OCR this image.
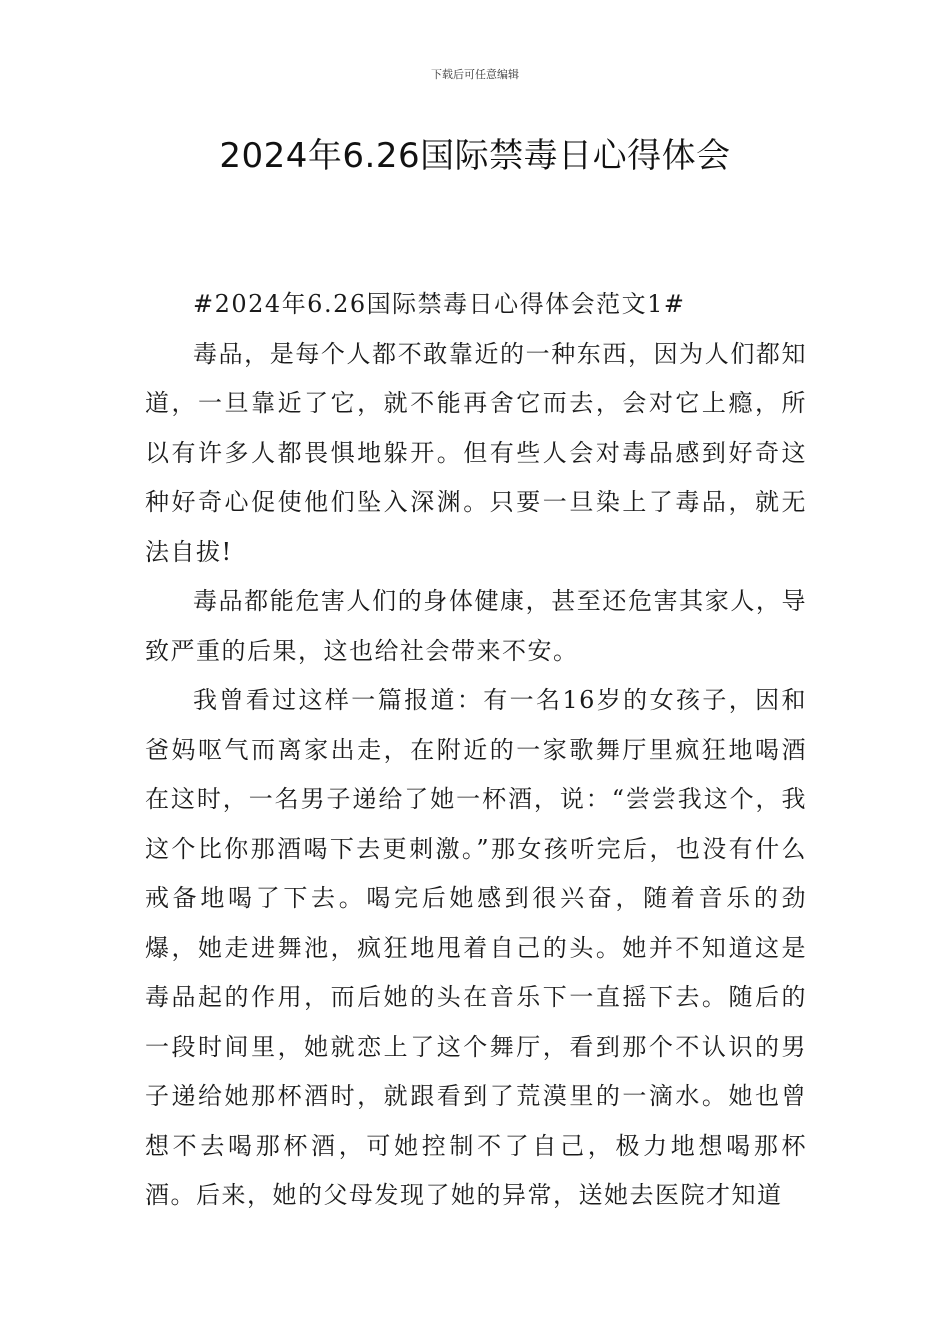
下载后可任意编辑
2024年6.26国际禁毒日心得体会

#2024年6.26国际禁毒日心得体会范文1#

毒品，是每个人都不敢靠近的一种东西，因为人们都知道，一旦靠近了它，就不能再舍它而去，会对它上瘾，所以有许多人都畏惧地躲开。但有些人会对毒品感到好奇这种好奇心促使他们坠入深渊。只要一旦染上了毒品，就无法自拔!

毒品都能危害人们的身体健康，甚至还危害其家人，导致严重的后果，这也给社会带来不安。

我曾看过这样一篇报道：有一名16岁的女孩子，因和爸妈呕气而离家出走，在附近的一家歌舞厅里疯狂地喝酒在这时，一名男子递给了她一杯酒，说：“尝尝我这个，我这个比你那酒喝下去更刺激。”那女孩听完后，也没有什么戒备地喝了下去。喝完后她感到很兴奋，随着音乐的劲爆，她走进舞池，疯狂地甩着自己的头。她并不知道这是毒品起的作用，而后她的头在音乐下一直摇下去。随后的一段时间里，她就恋上了这个舞厅，看到那个不认识的男子递给她那杯酒时，就跟看到了荒漠里的一滴水。她也曾想不去喝那杯酒，可她控制不了自己，极力地想喝那杯酒。后来，她的父母发现了她的异常，送她去医院才知道
